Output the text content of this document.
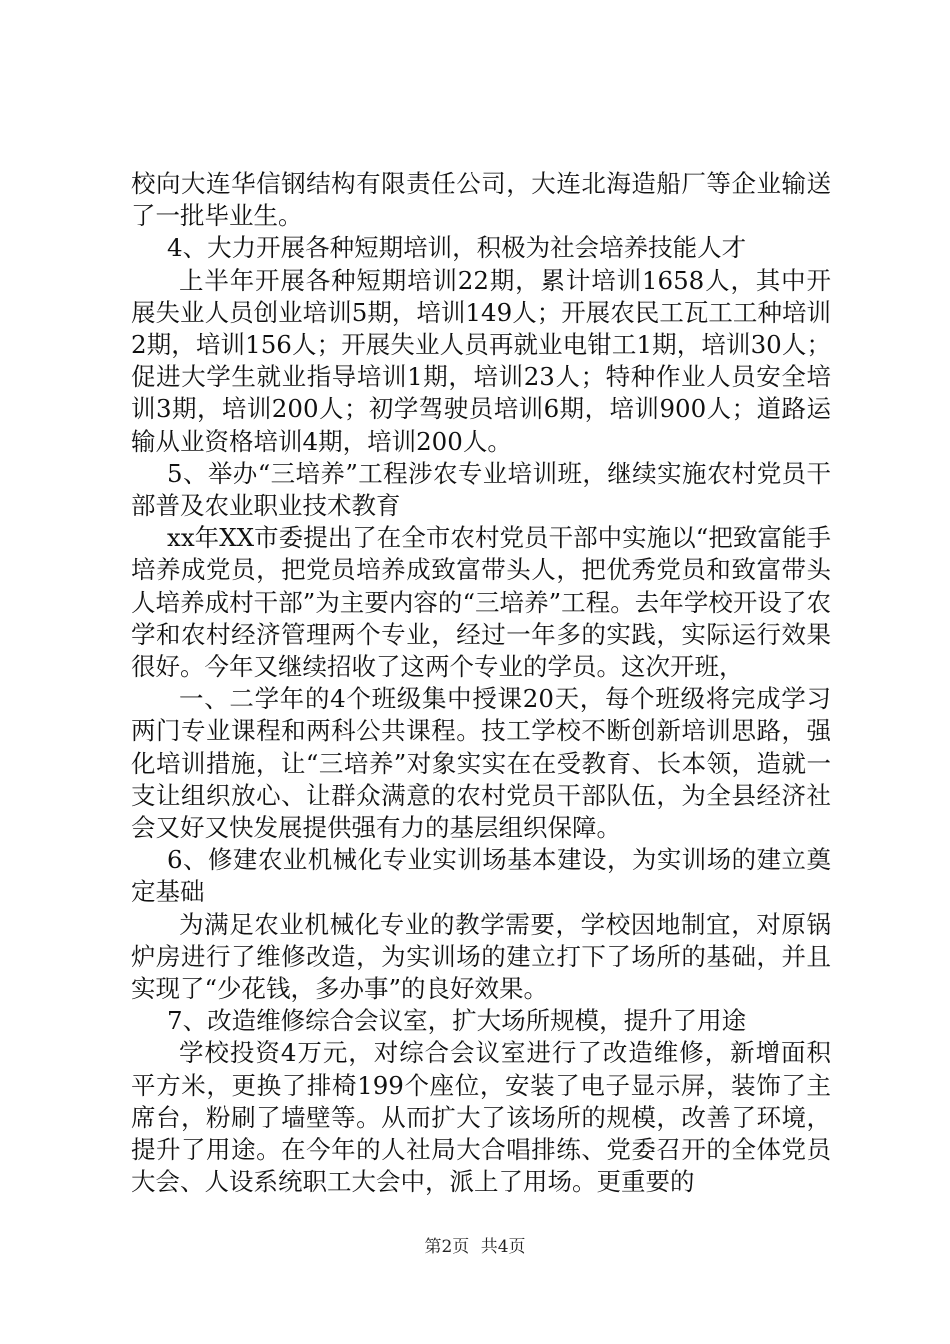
校向大连华信钢结构有限责任公司，大连北海造船厂等企业输送了一批毕业生。

4、大力开展各种短期培训，积极为社会培养技能人才

上半年开展各种短期培训22期，累计培训1658人，其中开展失业人员创业培训5期，培训149人；开展农民工瓦工工种培训2期，培训156人；开展失业人员再就业电钳工1期，培训30人；促进大学生就业指导培训1期，培训23人；特种作业人员安全培训3期，培训200人；初学驾驶员培训6期，培训900人；道路运输从业资格培训4期，培训200人。

5、举办“三培养”工程涉农专业培训班，继续实施农村党员干部普及农业职业技术教育

xx年XX市委提出了在全市农村党员干部中实施以“把致富能手培养成党员，把党员培养成致富带头人，把优秀党员和致富带头人培养成村干部”为主要内容的“三培养”工程。去年学校开设了农学和农村经济管理两个专业，经过一年多的实践，实际运行效果很好。今年又继续招收了这两个专业的学员。这次开班，

一、二学年的4个班级集中授课20天，每个班级将完成学习两门专业课程和两科公共课程。技工学校不断创新培训思路，强化培训措施，让“三培养”对象实实在在受教育、长本领，造就一支让组织放心、让群众满意的农村党员干部队伍，为全县经济社会又好又快发展提供强有力的基层组织保障。

6、修建农业机械化专业实训场基本建设，为实训场的建立奠定基础

为满足农业机械化专业的教学需要，学校因地制宜，对原锅炉房进行了维修改造，为实训场的建立打下了场所的基础，并且实现了“少花钱，多办事”的良好效果。

7、改造维修综合会议室，扩大场所规模，提升了用途

学校投资4万元，对综合会议室进行了改造维修，新增面积平方米，更换了排椅199个座位，安装了电子显示屏，装饰了主席台，粉刷了墙壁等。从而扩大了该场所的规模，改善了环境，提升了用途。在今年的人社局大合唱排练、党委召开的全体党员大会、人设系统职工大会中，派上了用场。更重要的

第2页 共4页
